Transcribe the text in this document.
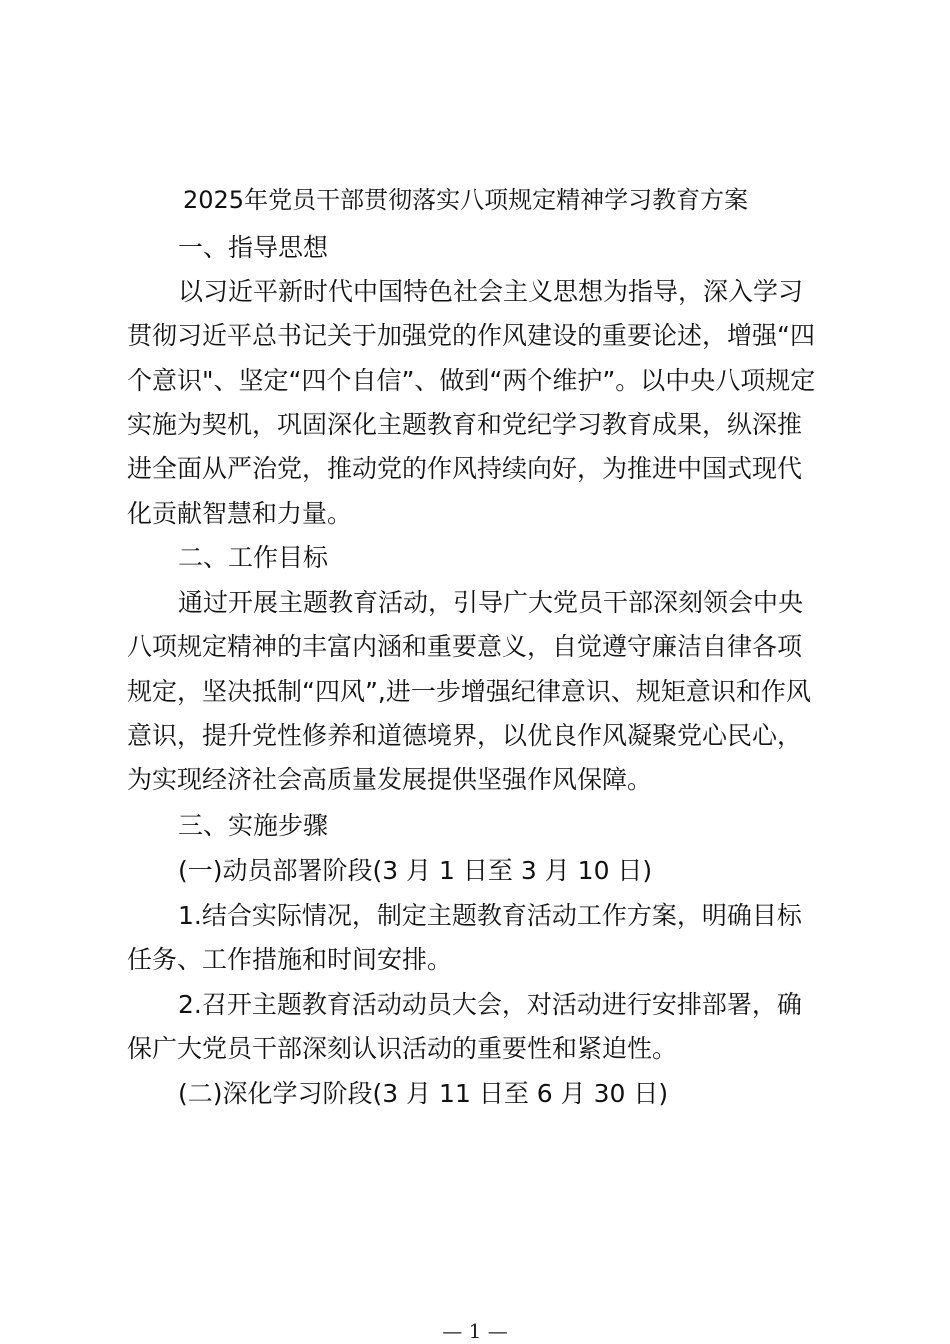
2025年党员干部贯彻落实八项规定精神学习教育方案

一、指导思想

以习近平新时代中国特色社会主义思想为指导，深入学习

贯彻习近平总书记关于加强党的作风建设的重要论述，增强“四

个意识"、坚定“四个自信”、做到“两个维护”。以中央八项规定

实施为契机，巩固深化主题教育和党纪学习教育成果，纵深推

进全面从严治党，推动党的作风持续向好，为推进中国式现代

化贡献智慧和力量。

二、工作目标

通过开展主题教育活动，引导广大党员干部深刻领会中央

八项规定精神的丰富内涵和重要意义，自觉遵守廉洁自律各项

规定，坚决抵制“四风”,进一步增强纪律意识、规矩意识和作风

意识，提升党性修养和道德境界，以优良作风凝聚党心民心，

为实现经济社会高质量发展提供坚强作风保障。

三、实施步骤

(一)动员部署阶段(3 月 1 日至 3 月 10 日)

1.结合实际情况，制定主题教育活动工作方案，明确目标

任务、工作措施和时间安排。

2.召开主题教育活动动员大会，对活动进行安排部署，确

保广大党员干部深刻认识活动的重要性和紧迫性。

(二)深化学习阶段(3 月 11 日至 6 月 30 日)

— 1 —
